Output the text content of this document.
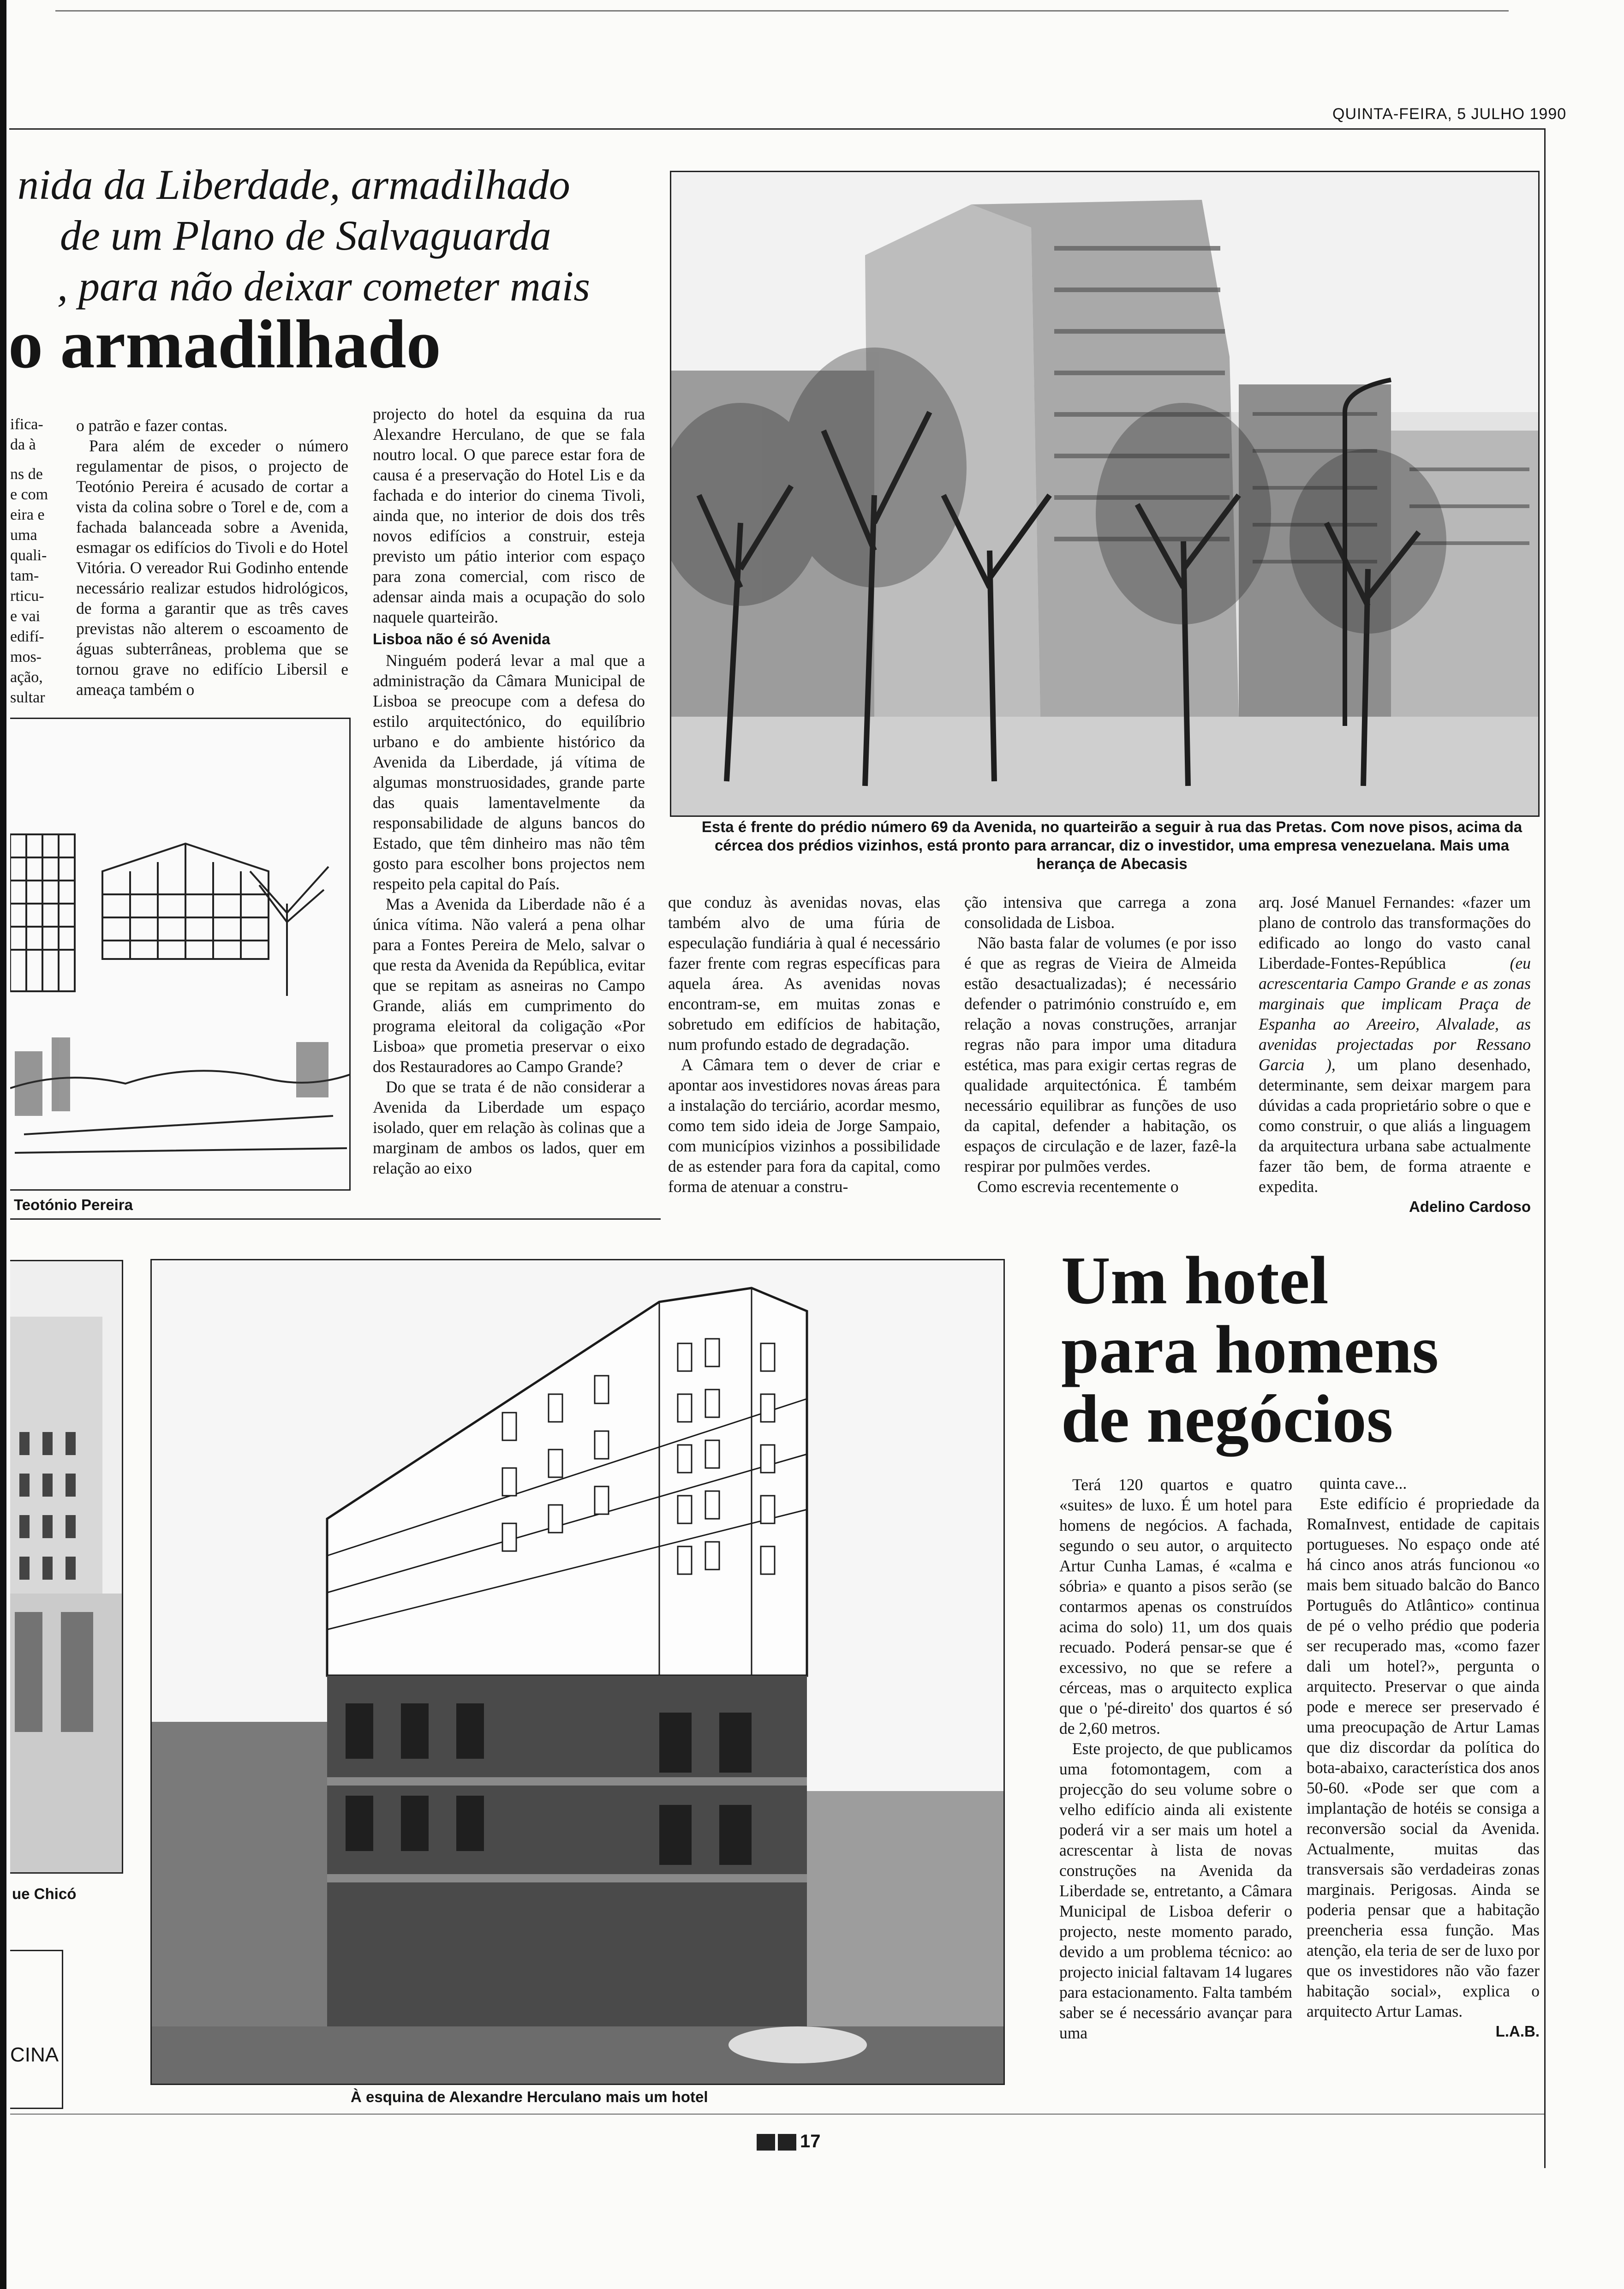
QUINTA-FEIRA, 5 JULHO 1990
nida da Liberdade, armadilhado
de um Plano de Salvaguarda
, para não deixar cometer mais
o armadilhado
ifica-
da à
ns de
e com
eira e
uma
quali-
tam-
rticu-
e vai
edifí-
mos-
ação,
sultar

o patrão e fazer contas.

Para além de exceder o número regulamentar de pisos, o projecto de Teotónio Pereira é acusado de cortar a vista da colina sobre o Torel e de, com a fachada balanceada sobre a Avenida, esmagar os edifícios do Tivoli e do Hotel Vitória. O vereador Rui Godinho entende necessário realizar estudos hidrológicos, de forma a garantir que as três caves previstas não alterem o escoamento de águas subterrâneas, problema que se tornou grave no edifício Libersil e ameaça também o

projecto do hotel da esquina da rua Alexandre Herculano, de que se fala noutro local. O que parece estar fora de causa é a preservação do Hotel Lis e da fachada e do interior do cinema Tivoli, ainda que, no interior de dois dos três novos edifícios a construir, esteja previsto um pátio interior com espaço para zona comercial, com risco de adensar ainda mais a ocupação do solo naquele quarteirão.

Lisboa não é só Avenida

Ninguém poderá levar a mal que a administração da Câmara Municipal de Lisboa se preocupe com a defesa do estilo arquitectónico, do equilíbrio urbano e do ambiente histórico da Avenida da Liberdade, já vítima de algumas monstruosidades, grande parte das quais lamentavelmente da responsabilidade de alguns bancos do Estado, que têm dinheiro mas não têm gosto para escolher bons projectos nem respeito pela capital do País.

Mas a Avenida da Liberdade não é a única vítima. Não valerá a pena olhar para a Fontes Pereira de Melo, salvar o que resta da Avenida da República, evitar que se repitam as asneiras no Campo Grande, aliás em cumprimento do programa eleitoral da coligação «Por Lisboa» que prometia preservar o eixo dos Restauradores ao Campo Grande?

Do que se trata é de não considerar a Avenida da Liberdade um espaço isolado, quer em relação às colinas que a marginam de ambos os lados, quer em relação ao eixo

Esta é frente do prédio número 69 da Avenida, no quarteirão a seguir à rua das Pretas. Com nove pisos, acima da cércea dos prédios vizinhos, está pronto para arrancar, diz o investidor, uma empresa venezuelana. Mais uma herança de Abecasis

que conduz às avenidas novas, elas também alvo de uma fúria de especulação fundiária à qual é necessário fazer frente com regras específicas para aquela área. As avenidas novas encontram-se, em muitas zonas e sobretudo em edifícios de habitação, num profundo estado de degradação.

A Câmara tem o dever de criar e apontar aos investidores novas áreas para a instalação do terciário, acordar mesmo, como tem sido ideia de Jorge Sampaio, com municípios vizinhos a possibilidade de as estender para fora da capital, como forma de atenuar a constru-

ção intensiva que carrega a zona consolidada de Lisboa.

Não basta falar de volumes (e por isso é que as regras de Vieira de Almeida estão desactualizadas); é necessário defender o património construído e, em relação a novas construções, arranjar regras não para impor uma ditadura estética, mas para exigir certas regras de qualidade arquitectónica. É também necessário equilibrar as funções de uso da capital, defender a habitação, os espaços de circulação e de lazer, fazê-la respirar por pulmões verdes.

Como escrevia recentemente o

arq. José Manuel Fernandes: «fazer um plano de controlo das transformações do edificado ao longo do vasto canal Liberdade-Fontes-República (eu acrescentaria Campo Grande e as zonas marginais que implicam Praça de Espanha ao Areeiro, Alvalade, as avenidas projectadas por Ressano Garcia ), um plano desenhado, determinante, sem deixar margem para dúvidas a cada proprietário sobre o que e como construir, o que aliás a linguagem da arquitectura urbana sabe actualmente fazer tão bem, de forma atraente e expedita.

Adelino Cardoso
Teotónio Pereira
ue Chicó
CINA
À esquina de Alexandre Herculano mais um hotel
Um hotel
para homens
de negócios

Terá 120 quartos e quatro «suites» de luxo. É um hotel para homens de negócios. A fachada, segundo o seu autor, o arquitecto Artur Cunha Lamas, é «calma e sóbria» e quanto a pisos serão (se contarmos apenas os construídos acima do solo) 11, um dos quais recuado. Poderá pensar-se que é excessivo, no que se refere a cérceas, mas o arquitecto explica que o 'pé-direito' dos quartos é só de 2,60 metros.

Este projecto, de que publicamos uma fotomontagem, com a projecção do seu volume sobre o velho edifício ainda ali existente poderá vir a ser mais um hotel a acrescentar à lista de novas construções na Avenida da Liberdade se, entretanto, a Câmara Municipal de Lisboa deferir o projecto, neste momento parado, devido a um problema técnico: ao projecto inicial faltavam 14 lugares para estacionamento. Falta também saber se é necessário avançar para uma

quinta cave...

Este edifício é propriedade da RomaInvest, entidade de capitais portugueses. No espaço onde até há cinco anos atrás funcionou «o mais bem situado balcão do Banco Português do Atlântico» continua de pé o velho prédio que poderia ser recuperado mas, «como fazer dali um hotel?», pergunta o arquitecto. Preservar o que ainda pode e merece ser preservado é uma preocupação de Artur Lamas que diz discordar da política do bota-abaixo, característica dos anos 50-60. «Pode ser que com a implantação de hotéis se consiga a reconversão social da Avenida. Actualmente, muitas das transversais são verdadeiras zonas marginais. Perigosas. Ainda se poderia pensar que a habitação preencheria essa função. Mas atenção, ela teria de ser de luxo por que os investidores não vão fazer habitação social», explica o arquitecto Artur Lamas.

L.A.B.
17
